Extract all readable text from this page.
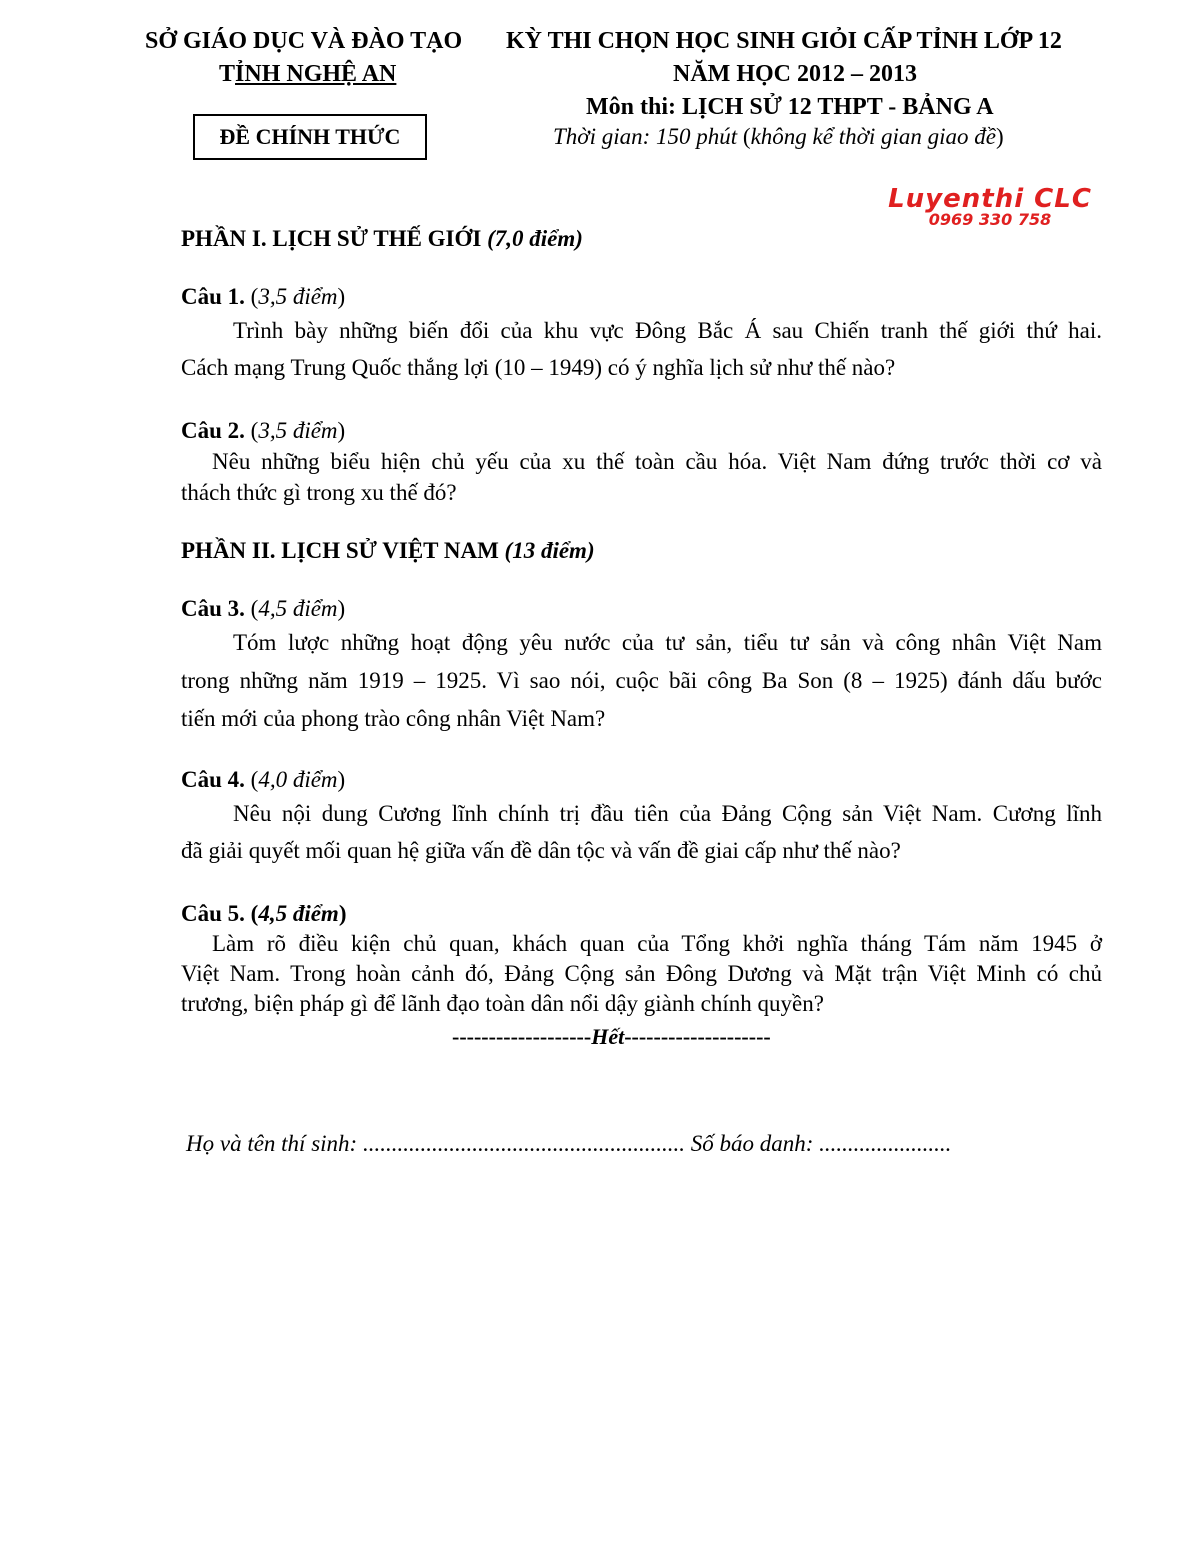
SỞ GIÁO DỤC VÀ ĐÀO TẠO
TỈNH NGHỆ AN
KỲ THI CHỌN HỌC SINH GIỎI CẤP TỈNH LỚP 12
NĂM HỌC 2012 – 2013
Môn thi: LỊCH SỬ 12 THPT - BẢNG A
ĐỀ CHÍNH THỨC	Thời gian: 150 phút (không kể thời gian giao đề)
Luyenthi CLC
0969 330 758
PHẦN I. LỊCH SỬ THẾ GIỚI (7,0 điểm)
Câu 1. (3,5 điểm)
Trình bày những biến đổi của khu vực Đông Bắc Á sau Chiến tranh thế giới thứ hai.
Cách mạng Trung Quốc thắng lợi (10 – 1949) có ý nghĩa lịch sử như thế nào?
Câu 2. (3,5 điểm)
Nêu những biểu hiện chủ yếu của xu thế toàn cầu hóa. Việt Nam đứng trước thời cơ và
thách thức gì trong xu thế đó?
PHẦN II. LỊCH SỬ VIỆT NAM (13 điểm)
Câu 3. (4,5 điểm)
Tóm lược những hoạt động yêu nước của tư sản, tiểu tư sản và công nhân Việt Nam
trong những năm 1919 – 1925. Vì sao nói, cuộc bãi công Ba Son (8 – 1925) đánh dấu bước
tiến mới của phong trào công nhân Việt Nam?
Câu 4. (4,0 điểm)
Nêu nội dung Cương lĩnh chính trị đầu tiên của Đảng Cộng sản Việt Nam. Cương lĩnh
đã giải quyết mối quan hệ giữa vấn đề dân tộc và vấn đề giai cấp như thế nào?
Câu 5. (4,5 điểm)
Làm rõ điều kiện chủ quan, khách quan của Tổng khởi nghĩa tháng Tám năm 1945 ở
Việt Nam. Trong hoàn cảnh đó, Đảng Cộng sản Đông Dương và Mặt trận Việt Minh có chủ
trương, biện pháp gì để lãnh đạo toàn dân nổi dậy giành chính quyền?
-------------------Hết--------------------
Họ và tên thí sinh: ........................................................ Số báo danh: .......................
